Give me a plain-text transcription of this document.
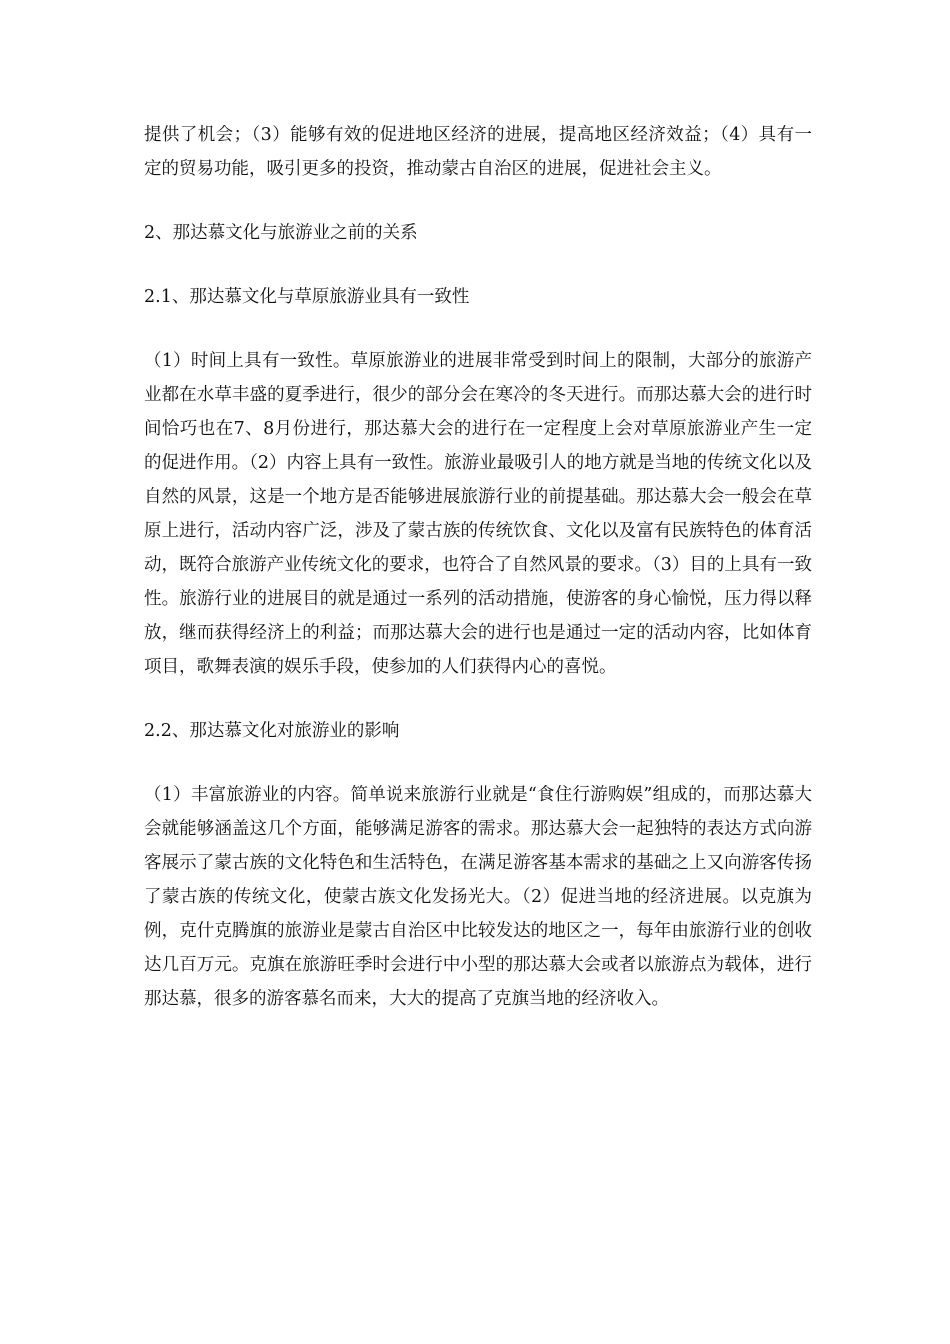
提供了机会；（3）能够有效的促进地区经济的进展，提高地区经济效益；（4）具有一定的贸易功能，吸引更多的投资，推动蒙古自治区的进展，促进社会主义。

2、那达慕文化与旅游业之前的关系

2.1、那达慕文化与草原旅游业具有一致性

（1）时间上具有一致性。草原旅游业的进展非常受到时间上的限制，大部分的旅游产业都在水草丰盛的夏季进行，很少的部分会在寒冷的冬天进行。而那达慕大会的进行时间恰巧也在7、8月份进行，那达慕大会的进行在一定程度上会对草原旅游业产生一定的促进作用。（2）内容上具有一致性。旅游业最吸引人的地方就是当地的传统文化以及自然的风景，这是一个地方是否能够进展旅游行业的前提基础。那达慕大会一般会在草原上进行，活动内容广泛，涉及了蒙古族的传统饮食、文化以及富有民族特色的体育活动，既符合旅游产业传统文化的要求，也符合了自然风景的要求。（3）目的上具有一致性。旅游行业的进展目的就是通过一系列的活动措施，使游客的身心愉悦，压力得以释放，继而获得经济上的利益；而那达慕大会的进行也是通过一定的活动内容，比如体育项目，歌舞表演的娱乐手段，使参加的人们获得内心的喜悦。

2.2、那达慕文化对旅游业的影响

（1）丰富旅游业的内容。简单说来旅游行业就是“食住行游购娱”组成的，而那达慕大会就能够涵盖这几个方面，能够满足游客的需求。那达慕大会一起独特的表达方式向游客展示了蒙古族的文化特色和生活特色，在满足游客基本需求的基础之上又向游客传扬了蒙古族的传统文化，使蒙古族文化发扬光大。（2）促进当地的经济进展。以克旗为例，克什克腾旗的旅游业是蒙古自治区中比较发达的地区之一，每年由旅游行业的创收达几百万元。克旗在旅游旺季时会进行中小型的那达慕大会或者以旅游点为载体，进行那达慕，很多的游客慕名而来，大大的提高了克旗当地的经济收入。
